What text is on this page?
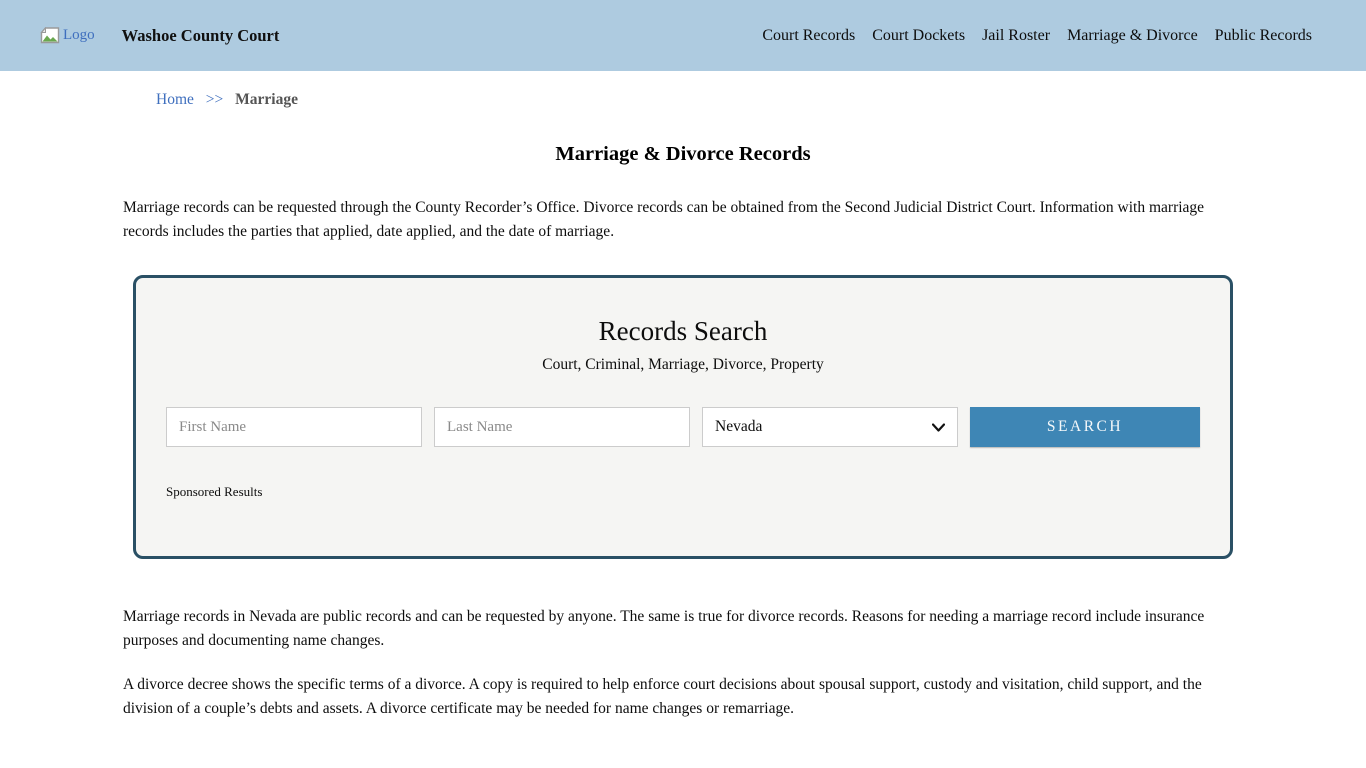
Logo Washoe County Court	Court Records Court Dockets Jail Roster Marriage & Divorce Public Records
Home >> Marriage
Marriage & Divorce Records

Marriage records can be requested through the County Recorder’s Office. Divorce records can be obtained from the Second Judicial District Court. Information with marriage records includes the parties that applied, date applied, and the date of marriage.

Records Search
Court, Criminal, Marriage, Divorce, Property
First Name
Last Name
Nevada	SEARCH
Sponsored Results

Marriage records in Nevada are public records and can be requested by anyone. The same is true for divorce records. Reasons for needing a marriage record include insurance purposes and documenting name changes.

A divorce decree shows the specific terms of a divorce. A copy is required to help enforce court decisions about spousal support, custody and visitation, child support, and the division of a couple’s debts and assets. A divorce certificate may be needed for name changes or remarriage.
